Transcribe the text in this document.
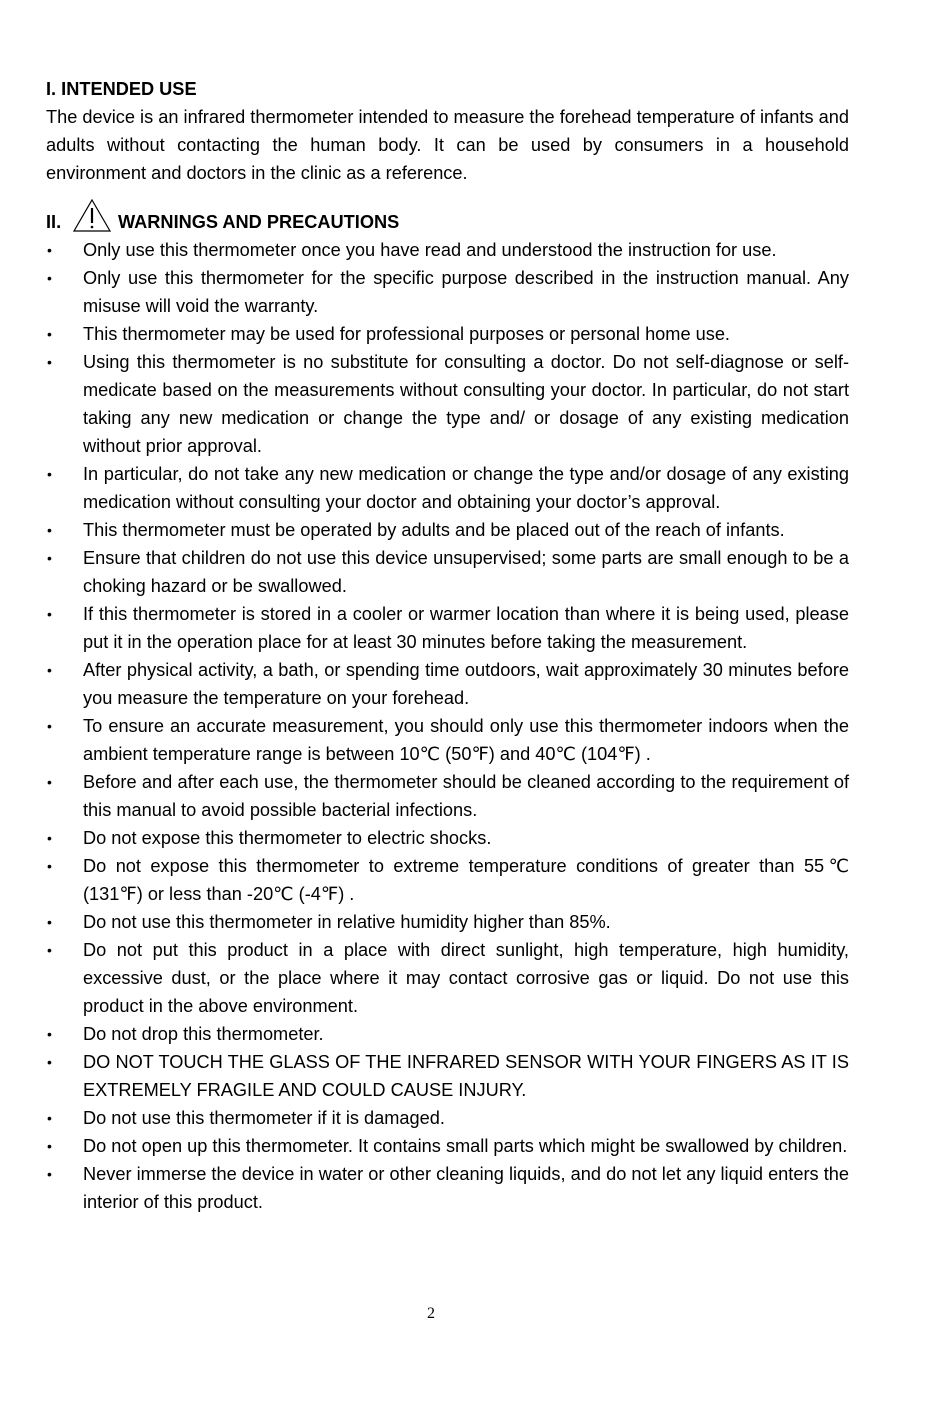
I. INTENDED USE

The device is an infrared thermometer intended to measure the forehead temperature of infants and adults without contacting the human body. It can be used by consumers in a household environment and doctors in the clinic as a reference.

II.	WARNINGS AND PRECAUTIONS
• Only use this thermometer once you have read and understood the instruction for use.
• Only use this thermometer for the specific purpose described in the instruction manual. Any misuse will void the warranty.
• This thermometer may be used for professional purposes or personal home use.
• Using this thermometer is no substitute for consulting a doctor. Do not self-diagnose or self-medicate based on the measurements without consulting your doctor. In particular, do not start taking any new medication or change the type and/ or dosage of any existing medication without prior approval.
• In particular, do not take any new medication or change the type and/or dosage of any existing medication without consulting your doctor and obtaining your doctor’s approval.
• This thermometer must be operated by adults and be placed out of the reach of infants.
• Ensure that children do not use this device unsupervised; some parts are small enough to be a choking hazard or be swallowed.
• If this thermometer is stored in a cooler or warmer location than where it is being used, please put it in the operation place for at least 30 minutes before taking the measurement.
• After physical activity, a bath, or spending time outdoors, wait approximately 30 minutes before you measure the temperature on your forehead.
• To ensure an accurate measurement, you should only use this thermometer indoors when the ambient temperature range is between 10℃ (50℉) and 40℃ (104℉) .
• Before and after each use, the thermometer should be cleaned according to the requirement of this manual to avoid possible bacterial infections.
• Do not expose this thermometer to electric shocks.
• Do not expose this thermometer to extreme temperature conditions of greater than 55℃ (131℉) or less than -20℃ (-4℉) .
• Do not use this thermometer in relative humidity higher than 85%.
• Do not put this product in a place with direct sunlight, high temperature, high humidity, excessive dust, or the place where it may contact corrosive gas or liquid. Do not use this product in the above environment.
• Do not drop this thermometer.
• DO NOT TOUCH THE GLASS OF THE INFRARED SENSOR WITH YOUR FINGERS AS IT IS EXTREMELY FRAGILE AND COULD CAUSE INJURY.
• Do not use this thermometer if it is damaged.
• Do not open up this thermometer. It contains small parts which might be swallowed by children.
• Never immerse the device in water or other cleaning liquids, and do not let any liquid enters the interior of this product.
2
